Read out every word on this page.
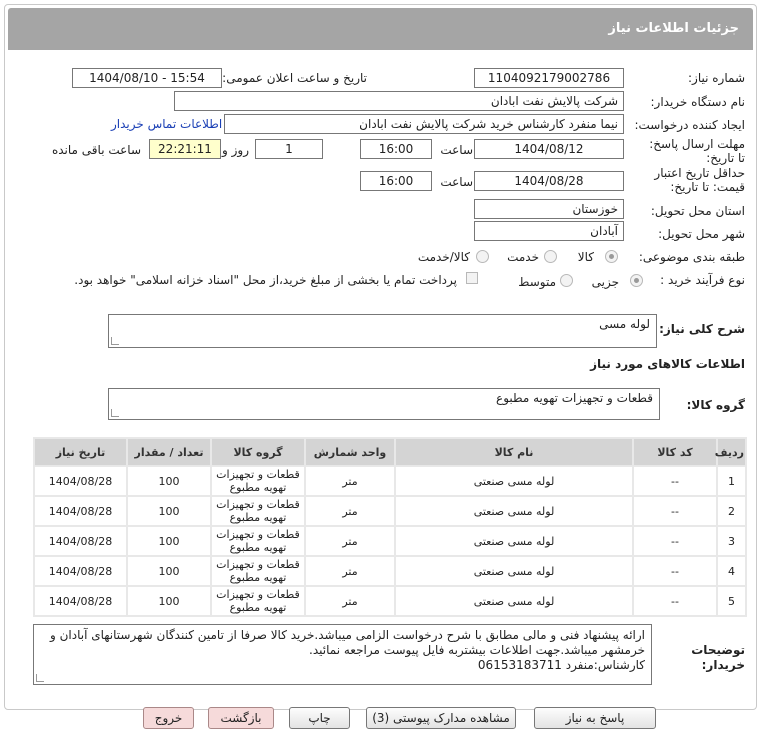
جزئیات اطلاعات نیاز
شماره نیاز:
1104092179002786
تاریخ و ساعت اعلان عمومی:
1404/08/10 - 15:54
نام دستگاه خریدار:
شرکت پالایش نفت ابادان
ایجاد کننده درخواست:
نیما منفرد کارشناس خرید شرکت پالایش نفت ابادان
اطلاعات تماس خریدار
مهلت ارسال پاسخ: تا تاریخ:
1404/08/12
ساعت
16:00
1
روز و
22:21:11
ساعت باقی مانده
حداقل تاریخ اعتبار
قیمت: تا تاریخ:
1404/08/28
ساعت
16:00
استان محل تحویل:
خوزستان
شهر محل تحویل:
آبادان
طبقه بندی موضوعی:
کالا
خدمت
کالا/خدمت
نوع فرآیند خرید :
جزیی
متوسط
پرداخت تمام یا بخشی از مبلغ خرید،از محل "اسناد خزانه اسلامی" خواهد بود.
شرح کلی نیاز:
لوله مسی
اطلاعات کالاهای مورد نیاز
گروه کالا:
قطعات و تجهیزات تهویه مطبوع
ردیف	کد کالا	نام کالا	واحد شمارش	گروه کالا	تعداد / مقدار	تاریخ نیاز
1	--	لوله مسی صنعتی	متر	قطعات و تجهیزات تهویه مطبوع	100	1404/08/28
2	--	لوله مسی صنعتی	متر	قطعات و تجهیزات تهویه مطبوع	100	1404/08/28
3	--	لوله مسی صنعتی	متر	قطعات و تجهیزات تهویه مطبوع	100	1404/08/28
4	--	لوله مسی صنعتی	متر	قطعات و تجهیزات تهویه مطبوع	100	1404/08/28
5	--	لوله مسی صنعتی	متر	قطعات و تجهیزات تهویه مطبوع	100	1404/08/28
توضیحات
خریدار:
ارائه پیشنهاد فنی و مالی مطابق با شرح درخواست الزامی میباشد.خرید کالا صرفا از تامین کنندگان شهرستانهای آبادان و
خرمشهر میباشد.جهت اطلاعات بیشتربه فایل پیوست مراجعه نمائید.
کارشناس:منفرد 06153183711
پاسخ به نیاز
مشاهده مدارک پیوستی (3)
چاپ
بازگشت
خروج
